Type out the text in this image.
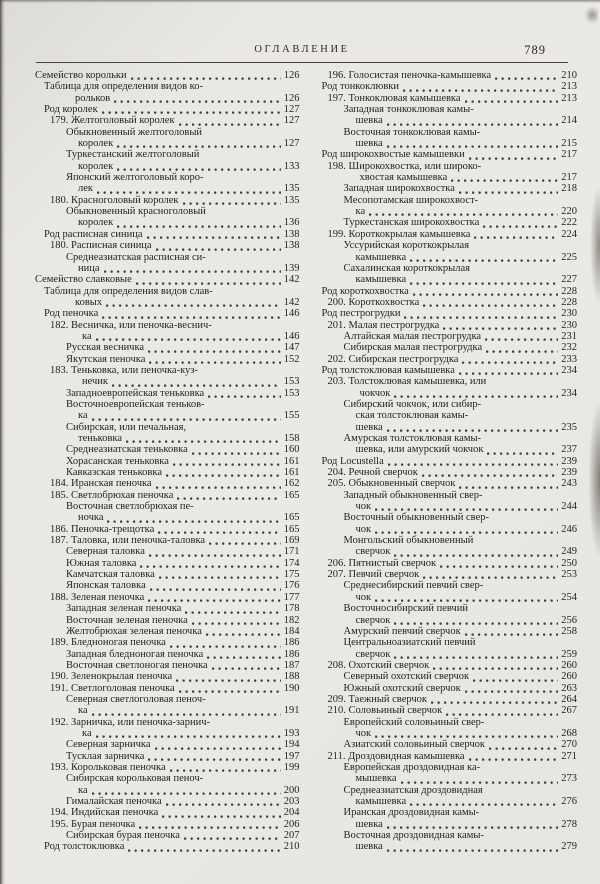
ОГЛАВЛЕНИЕ	789
Семейство корольки	126
Таблица для определения видов ко-
рольков	126
Род королек	127
179. Желтоголовый королек	127
Обыкновенный желтоголовый
королек	127
Туркестанский желтоголовый
королек	133
Японский желтоголовый коро-
лек	135
180. Красноголовый королек	135
Обыкновенный красноголовый
королек	136
Род расписная синица	138
180. Расписная синица	138
Среднеазиатская расписная си-
ница	139
Семейство славковые	142
Таблица для определения видов слав-
ковых	142
Род пеночка	146
182. Весничка, или пеночка-веснич-
ка	146
Русская весничка	147
Якутская пеночка	152
183. Теньковка, или пеночка-куз-
нечик	153
Западноевропейская теньковка	153
Восточноевропейская теньков-
ка	155
Сибирская, или печальная,
теньковка	158
Среднеазиатская теньковка	160
Хорасанская теньковка	161
Кавказская теньковка	161
184. Иранская пеночка	162
185. Светлобрюхая пеночка	165
Восточная светлобрюхая пе-
ночка	165
186. Пеночка-трещотка	165
187. Таловка, или пеночка-таловка	169
Северная таловка	171
Южная таловка	174
Камчатская таловка	175
Японская таловка	176
188. Зеленая пеночка	177
Западная зеленая пеночка	178
Восточная зеленая пеночка	182
Желтобрюхая зеленая пеночка	184
189. Бледноногая пеночка	186
Западная бледноногая пеночка	186
Восточная светлоногая пеночка	187
190. Зеленокрылая пеночка	188
191. Светлоголовая пеночка	190
Северная светлоголовая пеноч-
ка	191
192. Зарничка, или пеночка-зарнич-
ка	193
Северная зарничка	194
Тусклая зарничка	197
193. Корольковая пеночка	199
Сибирская корольковая пеноч-
ка	200
Гималайская пеночка	203
194. Индийская пеночка	204
195. Бурая пеночка	206
Сибирская бурая пеночка	207
Род толстоклювка	210
196. Голосистая пеночка-камышевка	210
Род тонкоклювки	213
197. Тонкоклювая камышевка	213
Западная тонкоклювая камы-
шевка	214
Восточная тонкоклювая камы-
шевка	215
Род широкохвостые камышевки	217
198. Широкохвостка, или широко-
хвостая камышевка	217
Западная широкохвостка	218
Месопотамская широкохвост-
ка	220
Туркестанская широкохвостка	222
199. Короткокрылая камышевка	224
Уссурийская короткокрылая
камышевка	225
Сахалинская короткокрылая
камышевка	227
Род короткохвостка	228
200. Короткохвостка	228
Род пестрогрудки	230
201. Малая пестрогрудка	230
Алтайская малая пестрогрудка	231
Сибирская малая пестрогрудка	232
202. Сибирская пестрогрудка	233
Род толстоклювая камышевка	234
203. Толстоклювая камышевка, или
чокчок	234
Сибирский чокчок, или сибир-
ская толстоклювая камы-
шевка	235
Амурская толстоклювая камы-
шевка, или амурский чокчок	237
Род Locustella	239
204. Речной сверчок	239
205. Обыкновенный сверчок	243
Западный обыкновенный свер-
чок	244
Восточный обыкновенный свер-
чок	246
Монгольский обыкновенный
сверчок	249
206. Пятнистый сверчок	250
207. Певчий сверчок	253
Среднесибирский певчий свер-
чок	254
Восточносибирский певчий
сверчок	256
Амурский певчий сверчок	258
Центральноазиатский певчий
сверчок	259
208. Охотский сверчок	260
Северный охотский сверчок	260
Южный охотский сверчок	263
209. Таежный сверчок	264
210. Соловьиный сверчок	267
Европейский соловьиный свер-
чок	268
Азиатский соловьиный сверчок	270
211. Дроздовидная камышевка	271
Европейская дроздовидная ка-
мышевка	273
Среднеазиатская дроздовидная
камышевка	276
Иранская дроздовидная камы-
шевка	278
Восточная дроздовидная камы-
шевка	279
